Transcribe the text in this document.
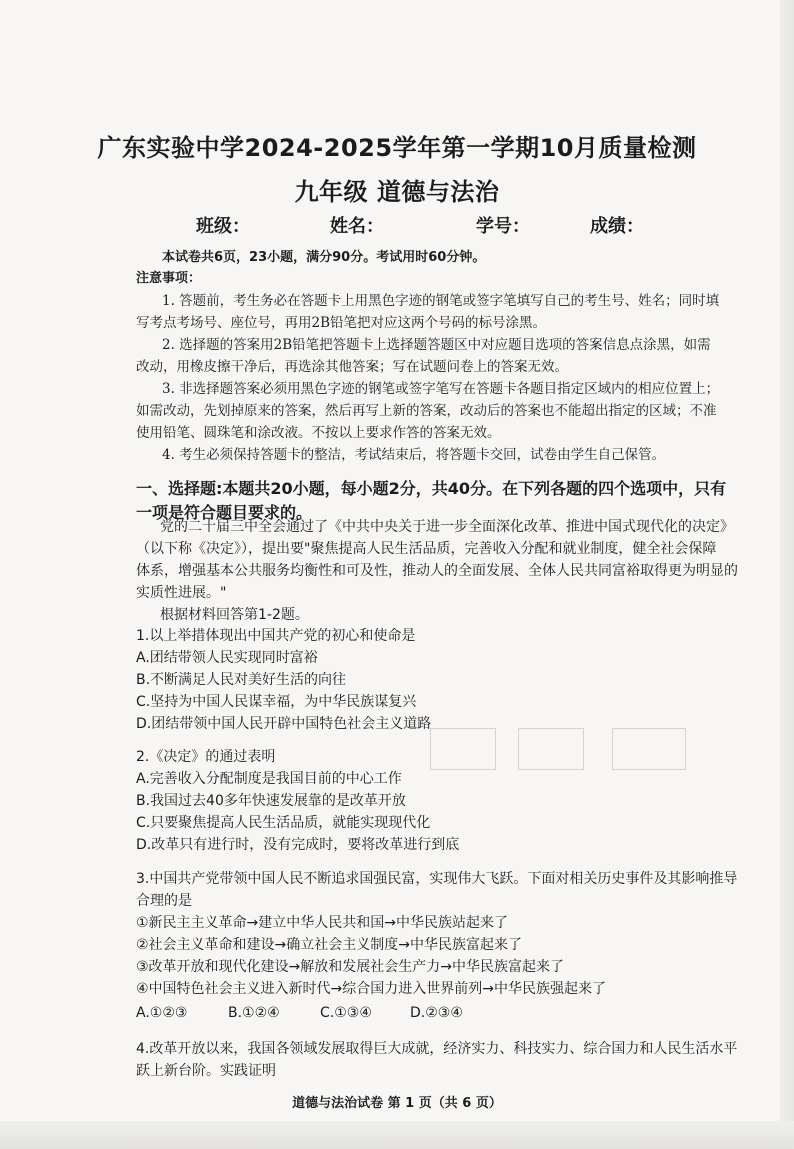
广东实验中学2024-2025学年第一学期10月质量检测
九年级 道德与法治
班级：	姓名：	学号：	成绩：
本试卷共6页，23小题，满分90分。考试用时60分钟。
注意事项：
1. 答题前，考生务必在答题卡上用黑色字迹的钢笔或签字笔填写自己的考生号、姓名；同时填
写考点考场号、座位号，再用2B铅笔把对应这两个号码的标号涂黑。
2. 选择题的答案用2B铅笔把答题卡上选择题答题区中对应题目选项的答案信息点涂黑，如需
改动，用橡皮擦干净后，再选涂其他答案；写在试题问卷上的答案无效。
3. 非选择题答案必须用黑色字迹的钢笔或签字笔写在答题卡各题目指定区域内的相应位置上；
如需改动，先划掉原来的答案，然后再写上新的答案，改动后的答案也不能超出指定的区域；不准
使用铅笔、圆珠笔和涂改液。不按以上要求作答的答案无效。
4. 考生必须保持答题卡的整洁，考试结束后，将答题卡交回，试卷由学生自己保管。
一、选择题:本题共20小题，每小题2分，共40分。在下列各题的四个选项中，只有
一项是符合题目要求的。
党的二十届三中全会通过了《中共中央关于进一步全面深化改革、推进中国式现代化的决定》
（以下称《决定》），提出要"聚焦提高人民生活品质，完善收入分配和就业制度，健全社会保障
体系，增强基本公共服务均衡性和可及性，推动人的全面发展、全体人民共同富裕取得更为明显的
实质性进展。"
根据材料回答第1-2题。
1.以上举措体现出中国共产党的初心和使命是
A.团结带领人民实现同时富裕
B.不断满足人民对美好生活的向往
C.坚持为中国人民谋幸福，为中华民族谋复兴
D.团结带领中国人民开辟中国特色社会主义道路
2.《决定》的通过表明
A.完善收入分配制度是我国目前的中心工作
B.我国过去40多年快速发展靠的是改革开放
C.只要聚焦提高人民生活品质，就能实现现代化
D.改革只有进行时，没有完成时，要将改革进行到底
3.中国共产党带领中国人民不断追求国强民富，实现伟大飞跃。下面对相关历史事件及其影响推导
合理的是
①新民主主义革命→建立中华人民共和国→中华民族站起来了
②社会主义革命和建设→确立社会主义制度→中华民族富起来了
③改革开放和现代化建设→解放和发展社会生产力→中华民族富起来了
④中国特色社会主义进入新时代→综合国力进入世界前列→中华民族强起来了
A.①②③	B.①②④	C.①③④	D.②③④
4.改革开放以来，我国各领域发展取得巨大成就，经济实力、科技实力、综合国力和人民生活水平
跃上新台阶。实践证明
道德与法治试卷 第 1 页（共 6 页）
